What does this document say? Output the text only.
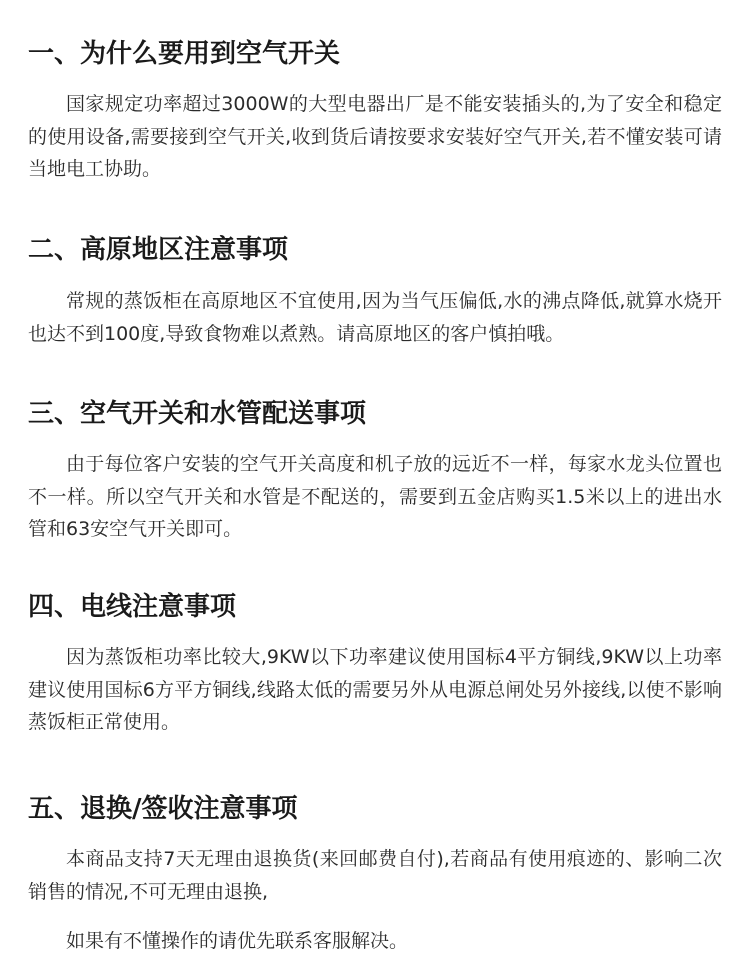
一、为什么要用到空气开关

国家规定功率超过3000W的大型电器出厂是不能安装插头的,为了安全和稳定的使用设备,需要接到空气开关,收到货后请按要求安装好空气开关,若不懂安装可请当地电工协助。

二、高原地区注意事项

常规的蒸饭柜在高原地区不宜使用,因为当气压偏低,水的沸点降低,就算水烧开也达不到100度,导致食物难以煮熟。请高原地区的客户慎拍哦。

三、空气开关和水管配送事项

由于每位客户安装的空气开关高度和机子放的远近不一样，每家水龙头位置也不一样。所以空气开关和水管是不配送的，需要到五金店购买1.5米以上的进出水管和63安空气开关即可。

四、电线注意事项

因为蒸饭柜功率比较大,9KW以下功率建议使用国标4平方铜线,9KW以上功率建议使用国标6方平方铜线,线路太低的需要另外从电源总闸处另外接线,以使不影响蒸饭柜正常使用。

五、退换/签收注意事项

本商品支持7天无理由退换货(来回邮费自付),若商品有使用痕迹的、影响二次销售的情况,不可无理由退换,

如果有不懂操作的请优先联系客服解决。
